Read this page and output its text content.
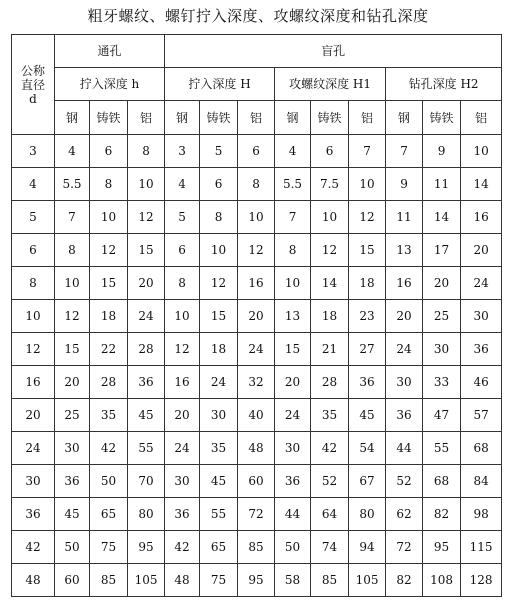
粗牙螺纹、螺钉拧入深度、攻螺纹深度和钻孔深度
公称
直径
d	通孔			盲孔								
	拧入深度 h			拧入深度 H			攻螺纹深度 H1			钻孔深度 H2		
	钢	铸铁	铝	钢	铸铁	铝	钢	铸铁	铝	钢	铸铁	铝
3	4	6	8	3	5	6	4	6	7	7	9	10
4	5.5	8	10	4	6	8	5.5	7.5	10	9	11	14
5	7	10	12	5	8	10	7	10	12	11	14	16
6	8	12	15	6	10	12	8	12	15	13	17	20
8	10	15	20	8	12	16	10	14	18	16	20	24
10	12	18	24	10	15	20	13	18	23	20	25	30
12	15	22	28	12	18	24	15	21	27	24	30	36
16	20	28	36	16	24	32	20	28	36	30	33	46
20	25	35	45	20	30	40	24	35	45	36	47	57
24	30	42	55	24	35	48	30	42	54	44	55	68
30	36	50	70	30	45	60	36	52	67	52	68	84
36	45	65	80	36	55	72	44	64	80	62	82	98
42	50	75	95	42	65	85	50	74	94	72	95	115
48	60	85	105	48	75	95	58	85	105	82	108	128
